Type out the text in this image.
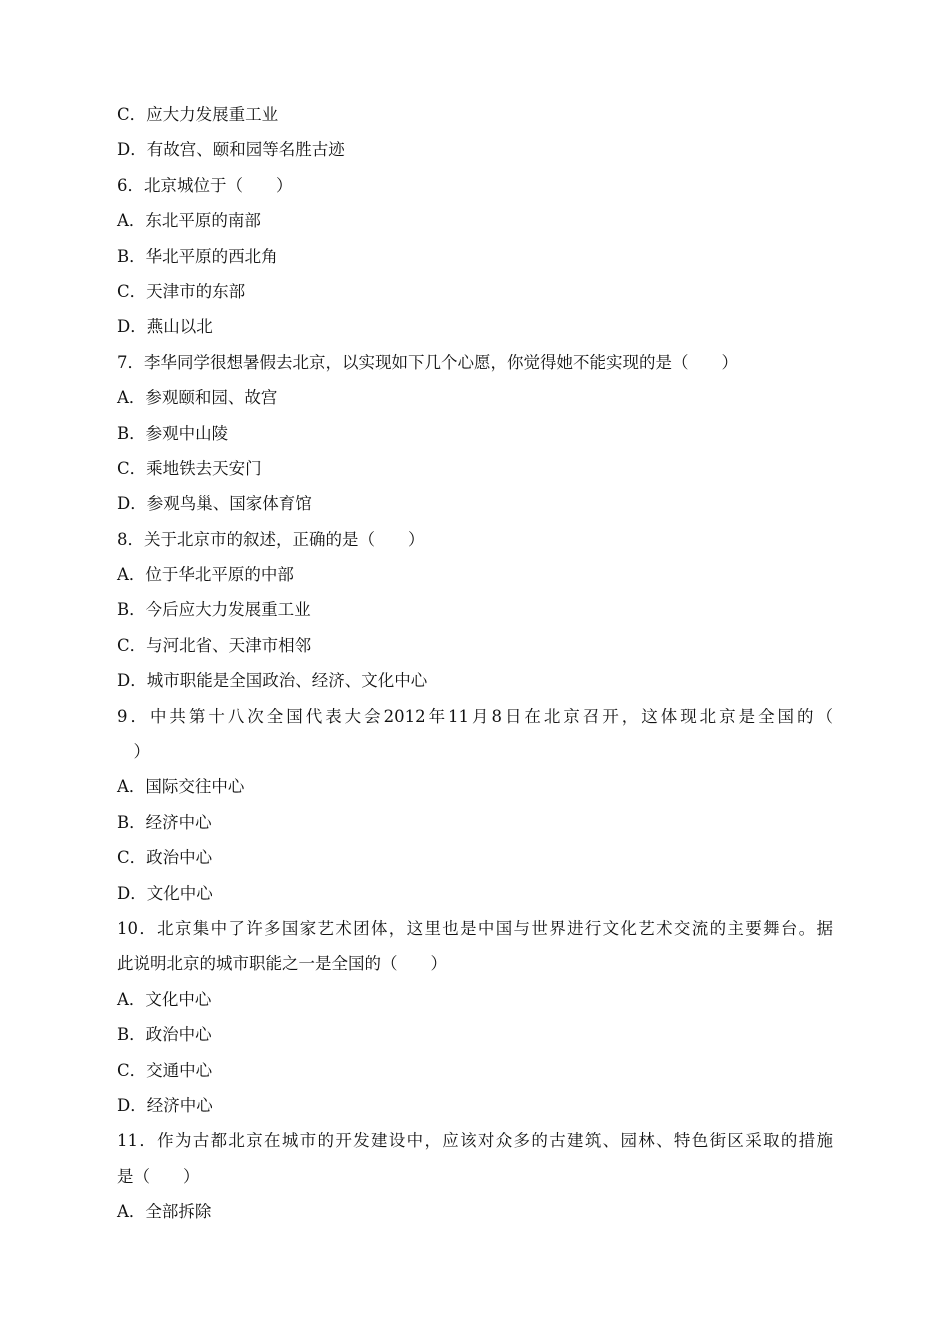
C．应大力发展重工业
D．有故宫、颐和园等名胜古迹
6．北京城位于（　　）
A．东北平原的南部
B．华北平原的西北角
C．天津市的东部
D．燕山以北
7．李华同学很想暑假去北京，以实现如下几个心愿，你觉得她不能实现的是（　　）
A．参观颐和园、故宫
B．参观中山陵
C．乘地铁去天安门
D．参观鸟巢、国家体育馆
8．关于北京市的叙述，正确的是（　　）
A．位于华北平原的中部
B．今后应大力发展重工业
C．与河北省、天津市相邻
D．城市职能是全国政治、经济、文化中心
9．中共第十八次全国代表大会2012年11月8日在北京召开，这体现北京是全国的（
　）
A．国际交往中心
B．经济中心
C．政治中心
D．文化中心
10．北京集中了许多国家艺术团体，这里也是中国与世界进行文化艺术交流的主要舞台。据
此说明北京的城市职能之一是全国的（　　）
A．文化中心
B．政治中心
C．交通中心
D．经济中心
11．作为古都北京在城市的开发建设中，应该对众多的古建筑、园林、特色街区采取的措施
是（　　）
A．全部拆除
